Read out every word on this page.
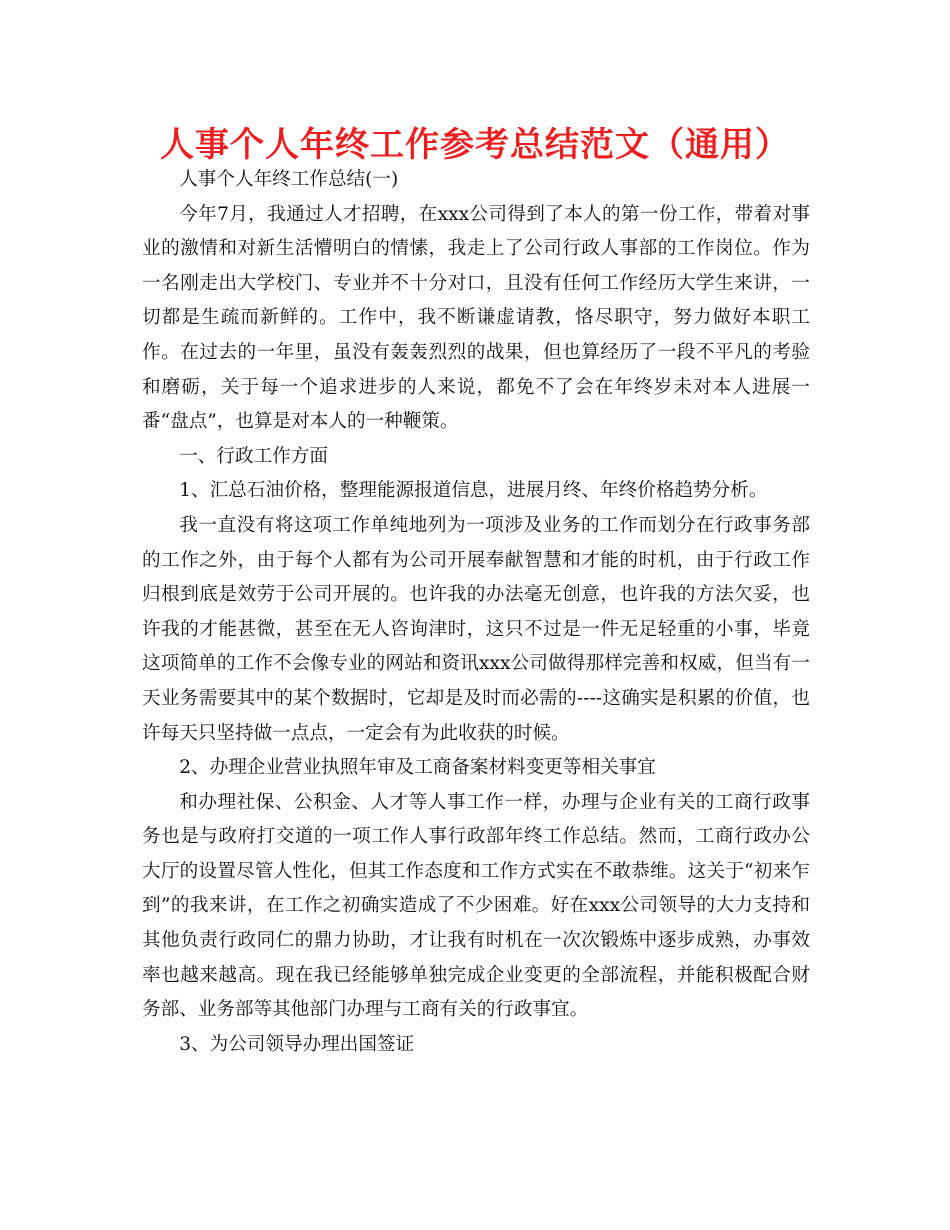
人事个人年终工作参考总结范文（通用）

人事个人年终工作总结(一)

今年7月，我通过人才招聘，在xxx公司得到了本人的第一份工作，带着对事业的激情和对新生活懵明白的情愫，我走上了公司行政人事部的工作岗位。作为一名刚走出大学校门、专业并不十分对口，且没有任何工作经历大学生来讲，一切都是生疏而新鲜的。工作中，我不断谦虚请教，恪尽职守，努力做好本职工作。在过去的一年里，虽没有轰轰烈烈的战果，但也算经历了一段不平凡的考验和磨砺，关于每一个追求进步的人来说，都免不了会在年终岁未对本人进展一番“盘点”，也算是对本人的一种鞭策。

一、行政工作方面

1、汇总石油价格，整理能源报道信息，进展月终、年终价格趋势分析。

我一直没有将这项工作单纯地列为一项涉及业务的工作而划分在行政事务部的工作之外，由于每个人都有为公司开展奉献智慧和才能的时机，由于行政工作归根到底是效劳于公司开展的。也许我的办法毫无创意，也许我的方法欠妥，也许我的才能甚微，甚至在无人咨询津时，这只不过是一件无足轻重的小事，毕竟这项简单的工作不会像专业的网站和资讯xxx公司做得那样完善和权威，但当有一天业务需要其中的某个数据时，它却是及时而必需的----这确实是积累的价值，也许每天只坚持做一点点，一定会有为此收获的时候。

2、办理企业营业执照年审及工商备案材料变更等相关事宜

和办理社保、公积金、人才等人事工作一样，办理与企业有关的工商行政事务也是与政府打交道的一项工作人事行政部年终工作总结。然而，工商行政办公大厅的设置尽管人性化，但其工作态度和工作方式实在不敢恭维。这关于“初来乍到”的我来讲，在工作之初确实造成了不少困难。好在xxx公司领导的大力支持和其他负责行政同仁的鼎力协助，才让我有时机在一次次锻炼中逐步成熟，办事效率也越来越高。现在我已经能够单独完成企业变更的全部流程，并能积极配合财务部、业务部等其他部门办理与工商有关的行政事宜。

3、为公司领导办理出国签证
